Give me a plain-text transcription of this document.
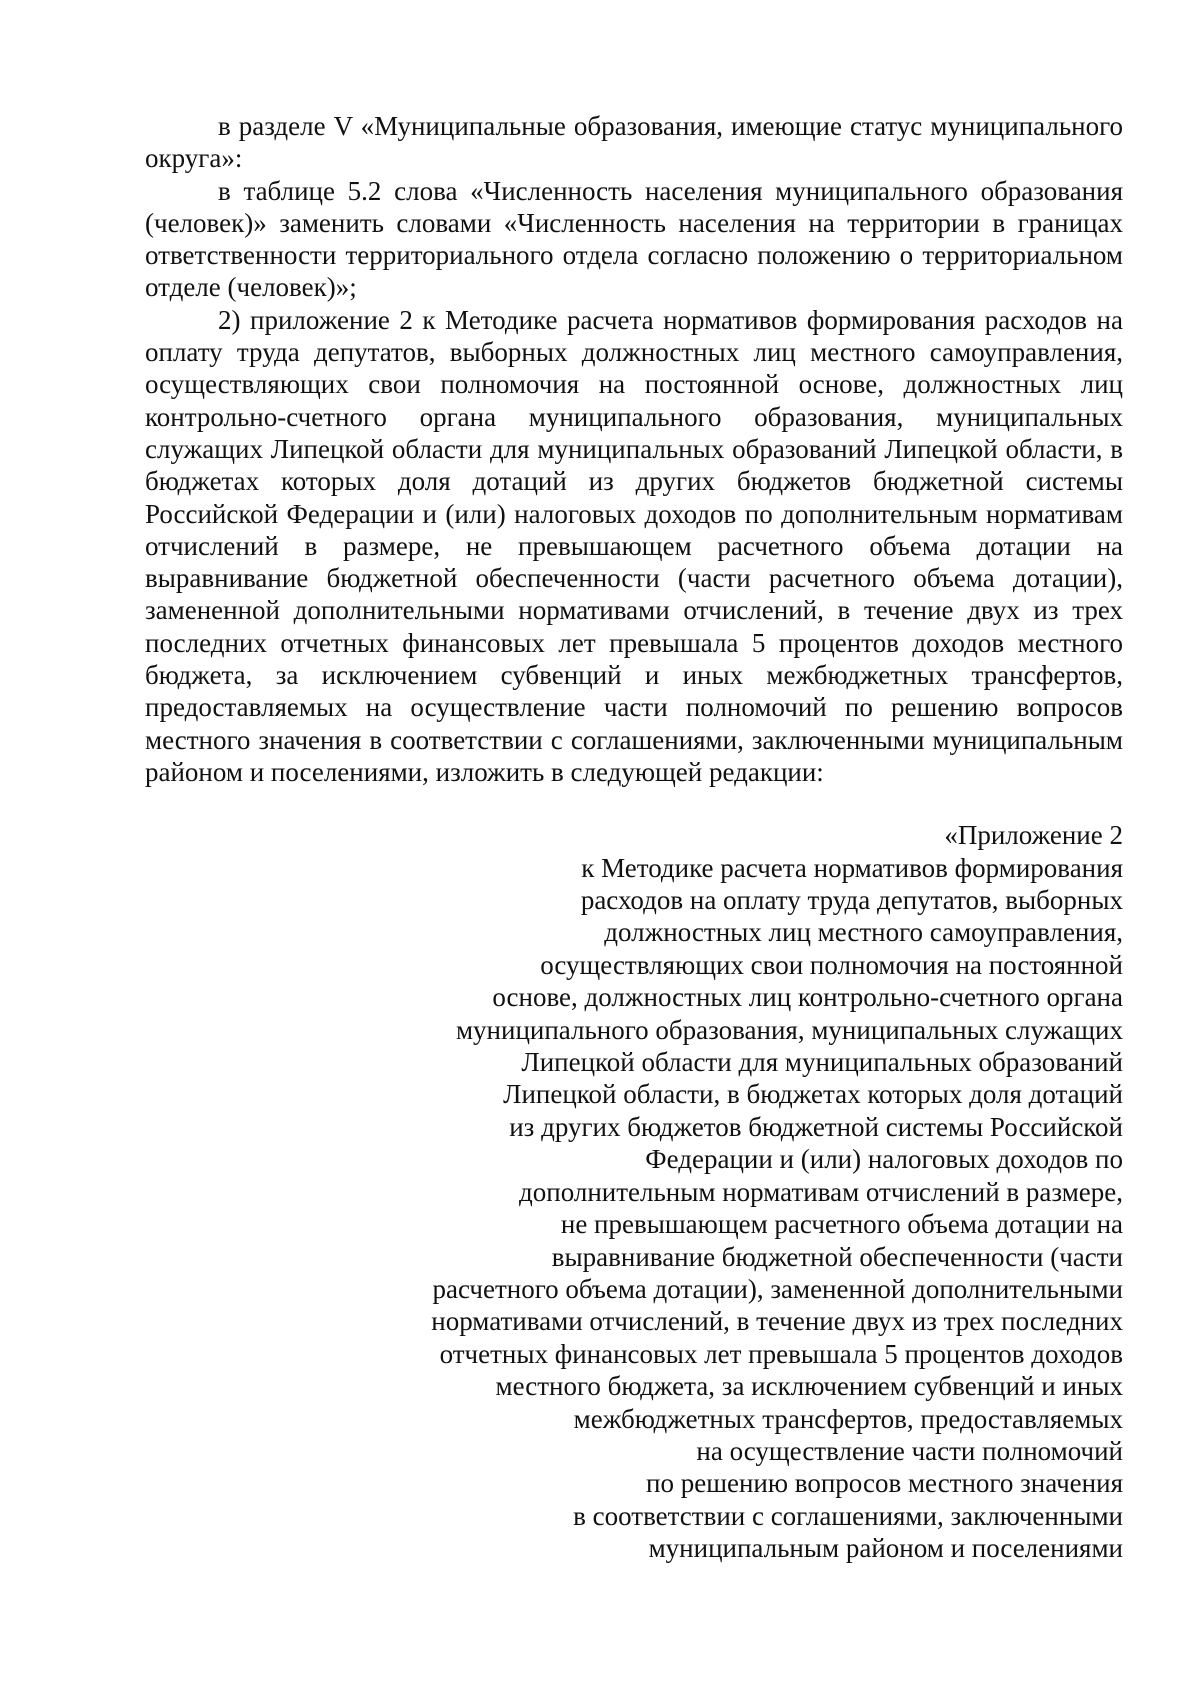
в разделе V «Муниципальные образования, имеющие статус муниципального округа»:

в таблице 5.2 слова «Численность населения муниципального образования (человек)» заменить словами «Численность населения на территории в границах ответственности территориального отдела согласно положению о территориальном отделе (человек)»;

2) приложение 2 к Методике расчета нормативов формирования расходов на оплату труда депутатов, выборных должностных лиц местного самоуправления, осуществляющих свои полномочия на постоянной основе, должностных лиц контрольно-счетного органа муниципального образования, муниципальных служащих Липецкой области для муниципальных образований Липецкой области, в бюджетах которых доля дотаций из других бюджетов бюджетной системы Российской Федерации и (или) налоговых доходов по дополнительным нормативам отчислений в размере, не превышающем расчетного объема дотации на выравнивание бюджетной обеспеченности (части расчетного объема дотации), замененной дополнительными нормативами отчислений, в течение двух из трех последних отчетных финансовых лет превышала 5 процентов доходов местного бюджета, за исключением субвенций и иных межбюджетных трансфертов, предоставляемых на осуществление части полномочий по решению вопросов местного значения в соответствии с соглашениями, заключенными муниципальным районом и поселениями, изложить в следующей редакции:

«Приложение 2
к Методике расчета нормативов формирования
расходов на оплату труда депутатов, выборных
должностных лиц местного самоуправления,
осуществляющих свои полномочия на постоянной
основе, должностных лиц контрольно-счетного органа
муниципального образования, муниципальных служащих
Липецкой области для муниципальных образований
Липецкой области, в бюджетах которых доля дотаций
из других бюджетов бюджетной системы Российской
Федерации и (или) налоговых доходов по
дополнительным нормативам отчислений в размере,
не превышающем расчетного объема дотации на
выравнивание бюджетной обеспеченности (части
расчетного объема дотации), замененной дополнительными
нормативами отчислений, в течение двух из трех последних
отчетных финансовых лет превышала 5 процентов доходов
местного бюджета, за исключением субвенций и иных
межбюджетных трансфертов, предоставляемых
на осуществление части полномочий
по решению вопросов местного значения
в соответствии с соглашениями, заключенными
муниципальным районом и поселениями
